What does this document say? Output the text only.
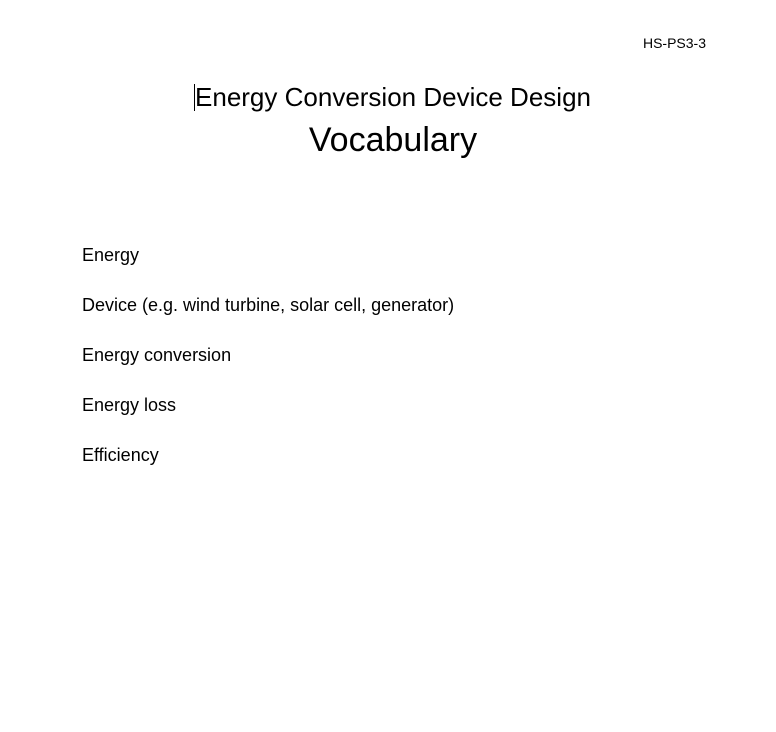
HS-PS3-3
Energy Conversion Device Design
Vocabulary
Energy
Device (e.g. wind turbine, solar cell, generator)
Energy conversion
Energy loss
Efficiency
